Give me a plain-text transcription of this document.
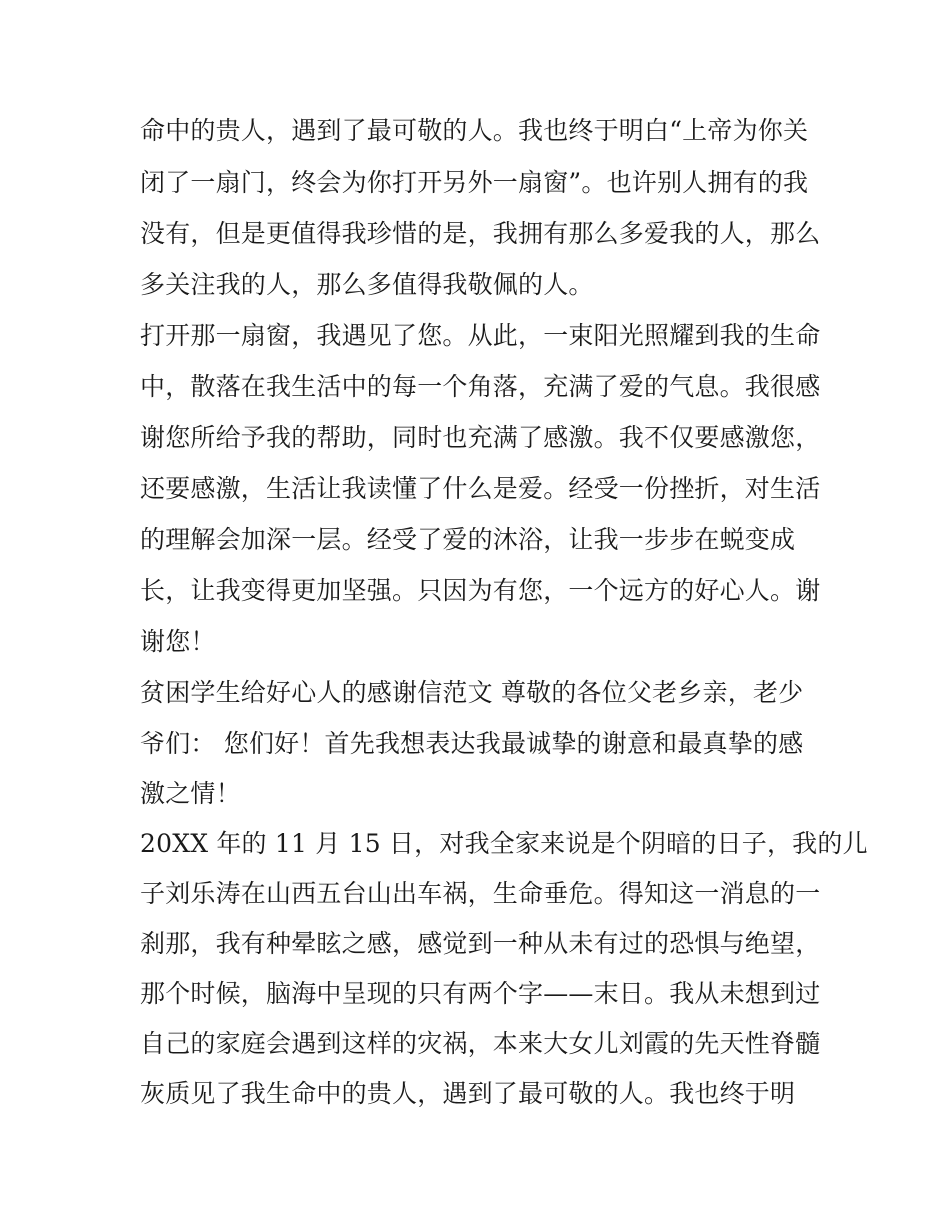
命中的贵人，遇到了最可敬的人。我也终于明白“上帝为你关

闭了一扇门，终会为你打开另外一扇窗”。也许别人拥有的我

没有，但是更值得我珍惜的是，我拥有那么多爱我的人，那么

多关注我的人，那么多值得我敬佩的人。

打开那一扇窗，我遇见了您。从此，一束阳光照耀到我的生命

中，散落在我生活中的每一个角落，充满了爱的气息。我很感

谢您所给予我的帮助，同时也充满了感激。我不仅要感激您，

还要感激，生活让我读懂了什么是爱。经受一份挫折，对生活

的理解会加深一层。经受了爱的沐浴，让我一步步在蜕变成

长，让我变得更加坚强。只因为有您，一个远方的好心人。谢

谢您！

贫困学生给好心人的感谢信范文 尊敬的各位父老乡亲，老少

爷们： 您们好！首先我想表达我最诚挚的谢意和最真挚的感

激之情！

20XX 年的 11 月 15 日，对我全家来说是个阴暗的日子，我的儿

子刘乐涛在山西五台山出车祸，生命垂危。得知这一消息的一

刹那，我有种晕眩之感，感觉到一种从未有过的恐惧与绝望，

那个时候，脑海中呈现的只有两个字——末日。我从未想到过

自己的家庭会遇到这样的灾祸，本来大女儿刘霞的先天性脊髓

灰质见了我生命中的贵人，遇到了最可敬的人。我也终于明
